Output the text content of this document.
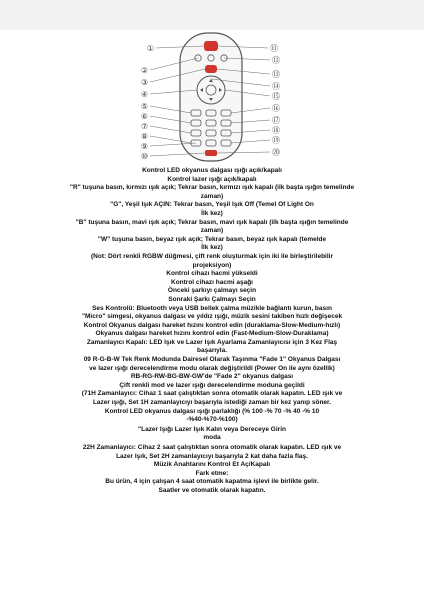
①
②
③
④
⑤
⑥
⑦
⑧
⑨
⑩
⑪
⑫
⑬
⑭
⑮
⑯
⑰
⑱
⑲
⑳
Kontrol LED okyanus dalgası ışığı açık/kapalı
Kontrol lazer ışığı açık/kapalı
"R" tuşuna basın, kırmızı ışık açık; Tekrar basın, kırmızı ışık kapalı (ilk başta ışığın temelinde
zaman)
"G", Yeşil Işık AÇIN: Tekrar basın, Yeşil Işık Off (Temel Of Light On
İlk kez)
"B" tuşuna basın, mavi ışık açık; Tekrar basın, mavi ışık kapalı (ilk başta ışığın temelinde
zaman)
"W" tuşuna basın, beyaz ışık açık; Tekrar basın, beyaz ışık kapalı (temelde
İlk kez)
(Not: Dört renkli RGBW düğmesi, çift renk oluşturmak için iki ile birleştirilebilir
projeksiyon)
Kontrol cihazı hacmi yükseldi
Kontrol cihazı hacmi aşağı
Önceki şarkıyı çalmayı seçin
Sonraki Şarkı Çalmayı Seçin
Ses Kontrolü: Bluetooth veya USB bellek çalma müzikle bağlantı kurun, basın
"Micro" simgesi, okyanus dalgası ve yıldız ışığı, müzik sesini takiben hızlı değişecek
Kontrol Okyanus dalgası hareket hızını kontrol edin (duraklama-Slow-Medium-hızlı)
Okyanus dalgası hareket hızını kontrol edin (Fast-Medium-Slow-Duraklama)
Zamanlayıcı Kapalı: LED Işık ve Lazer Işık Ayarlama Zamanlayıcısı için 3 Kez Flaş
başarıyla.
09 R-G-B-W Tek Renk Modunda Dairesel Olarak Taşınma "Fade 1" Okyanus Dalgası
ve lazer ışığı derecelendirme modu olarak değiştirildi (Power On ile aynı özellik)
RB-RG-RW-BG-BW-GW'de "Fade 2" okyanus dalgası
Çift renkli mod ve lazer ışığı derecelendirme moduna geçildi
(71H Zamanlayıcı: Cihaz 1 saat çalıştıktan sonra otomatik olarak kapatın. LED ışık ve
Lazer ışığı, Set 1H zamanlayıcıyı başarıyla istediği zaman bir kez yanıp söner.
Kontrol LED okyanus dalgası ışığı parlaklığı (% 100 -% 70 -% 40 -% 10
-%40-%70-%100)
"Lazer Işığı Lazer Işık Kalın veya Dereceye Girin
moda
22H Zamanlayıcı: Cihaz 2 saat çalıştıktan sonra otomatik olarak kapatın. LED ışık ve
Lazer Işık, Set 2H zamanlayıcıyı başarıyla 2 kat daha fazla flaş.
Müzik Anahtarını Kontrol Et Aç/Kapalı
Fark etme:
Bu ürün, 4 için çalışan 4 saat otomatik kapatma işlevi ile birlikte gelir.
Saatler ve otomatik olarak kapatın.
